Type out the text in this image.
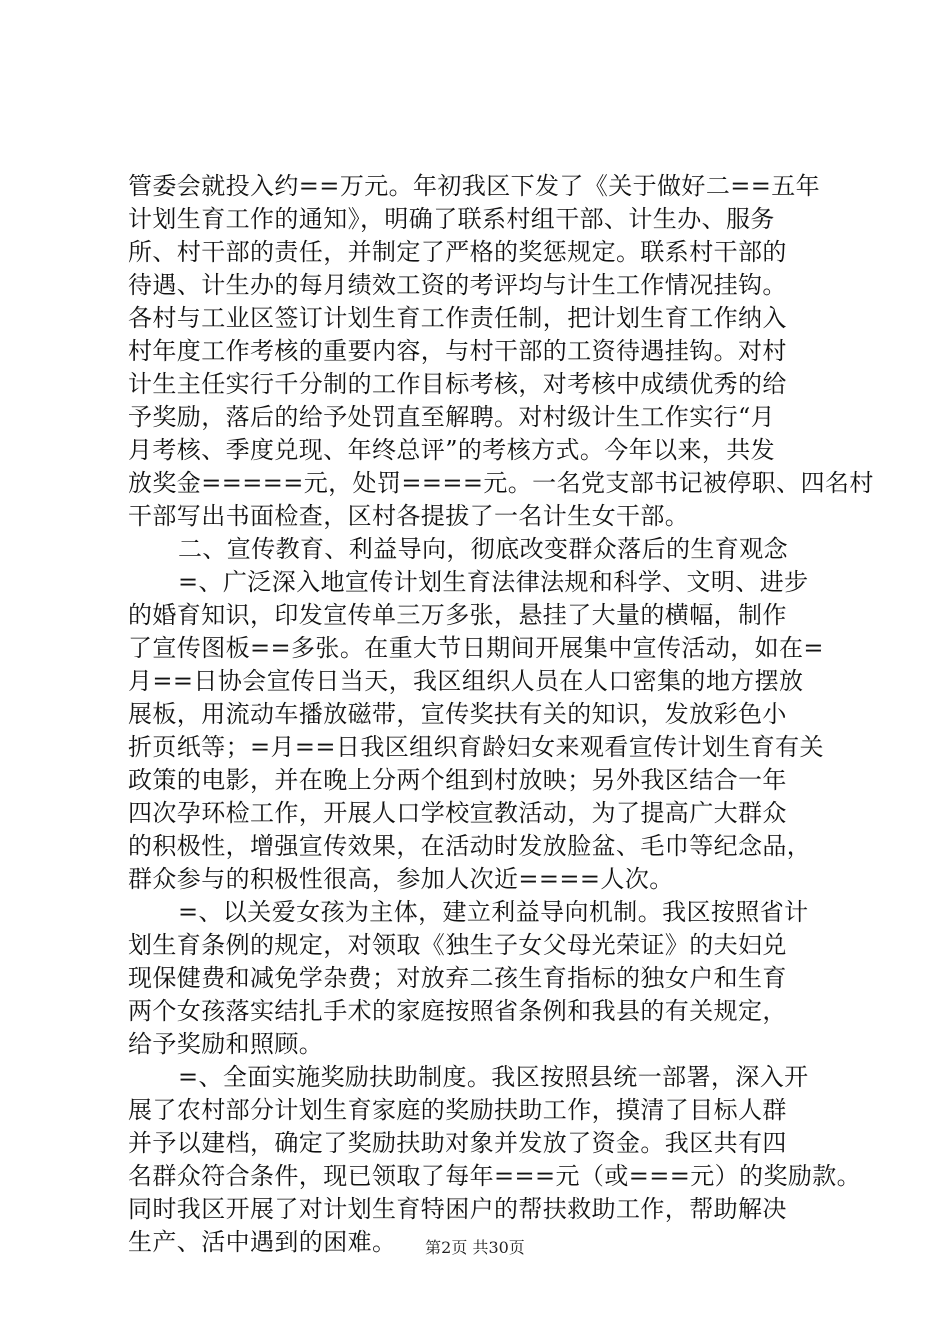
管委会就投入约==万元。年初我区下发了《关于做好二==五年
计划生育工作的通知》，明确了联系村组干部、计生办、服务
所、村干部的责任，并制定了严格的奖惩规定。联系村干部的
待遇、计生办的每月绩效工资的考评均与计生工作情况挂钩。
各村与工业区签订计划生育工作责任制，把计划生育工作纳入
村年度工作考核的重要内容，与村干部的工资待遇挂钩。对村
计生主任实行千分制的工作目标考核，对考核中成绩优秀的给
予奖励，落后的给予处罚直至解聘。对村级计生工作实行“月
月考核、季度兑现、年终总评”的考核方式。今年以来，共发
放奖金=====元，处罚====元。一名党支部书记被停职、四名村
干部写出书面检查，区村各提拔了一名计生女干部。
二、宣传教育、利益导向，彻底改变群众落后的生育观念
=、广泛深入地宣传计划生育法律法规和科学、文明、进步
的婚育知识，印发宣传单三万多张，悬挂了大量的横幅，制作
了宣传图板==多张。在重大节日期间开展集中宣传活动，如在=
月==日协会宣传日当天，我区组织人员在人口密集的地方摆放
展板，用流动车播放磁带，宣传奖扶有关的知识，发放彩色小
折页纸等；=月==日我区组织育龄妇女来观看宣传计划生育有关
政策的电影，并在晚上分两个组到村放映；另外我区结合一年
四次孕环检工作，开展人口学校宣教活动，为了提高广大群众
的积极性，增强宣传效果，在活动时发放脸盆、毛巾等纪念品，
群众参与的积极性很高，参加人次近====人次。
=、以关爱女孩为主体，建立利益导向机制。我区按照省计
划生育条例的规定，对领取《独生子女父母光荣证》的夫妇兑
现保健费和减免学杂费；对放弃二孩生育指标的独女户和生育
两个女孩落实结扎手术的家庭按照省条例和我县的有关规定，
给予奖励和照顾。
=、全面实施奖励扶助制度。我区按照县统一部署，深入开
展了农村部分计划生育家庭的奖励扶助工作，摸清了目标人群
并予以建档，确定了奖励扶助对象并发放了资金。我区共有四
名群众符合条件，现已领取了每年===元（或===元）的奖励款。
同时我区开展了对计划生育特困户的帮扶救助工作，帮助解决
生产、活中遇到的困难。	第2页 共30页
